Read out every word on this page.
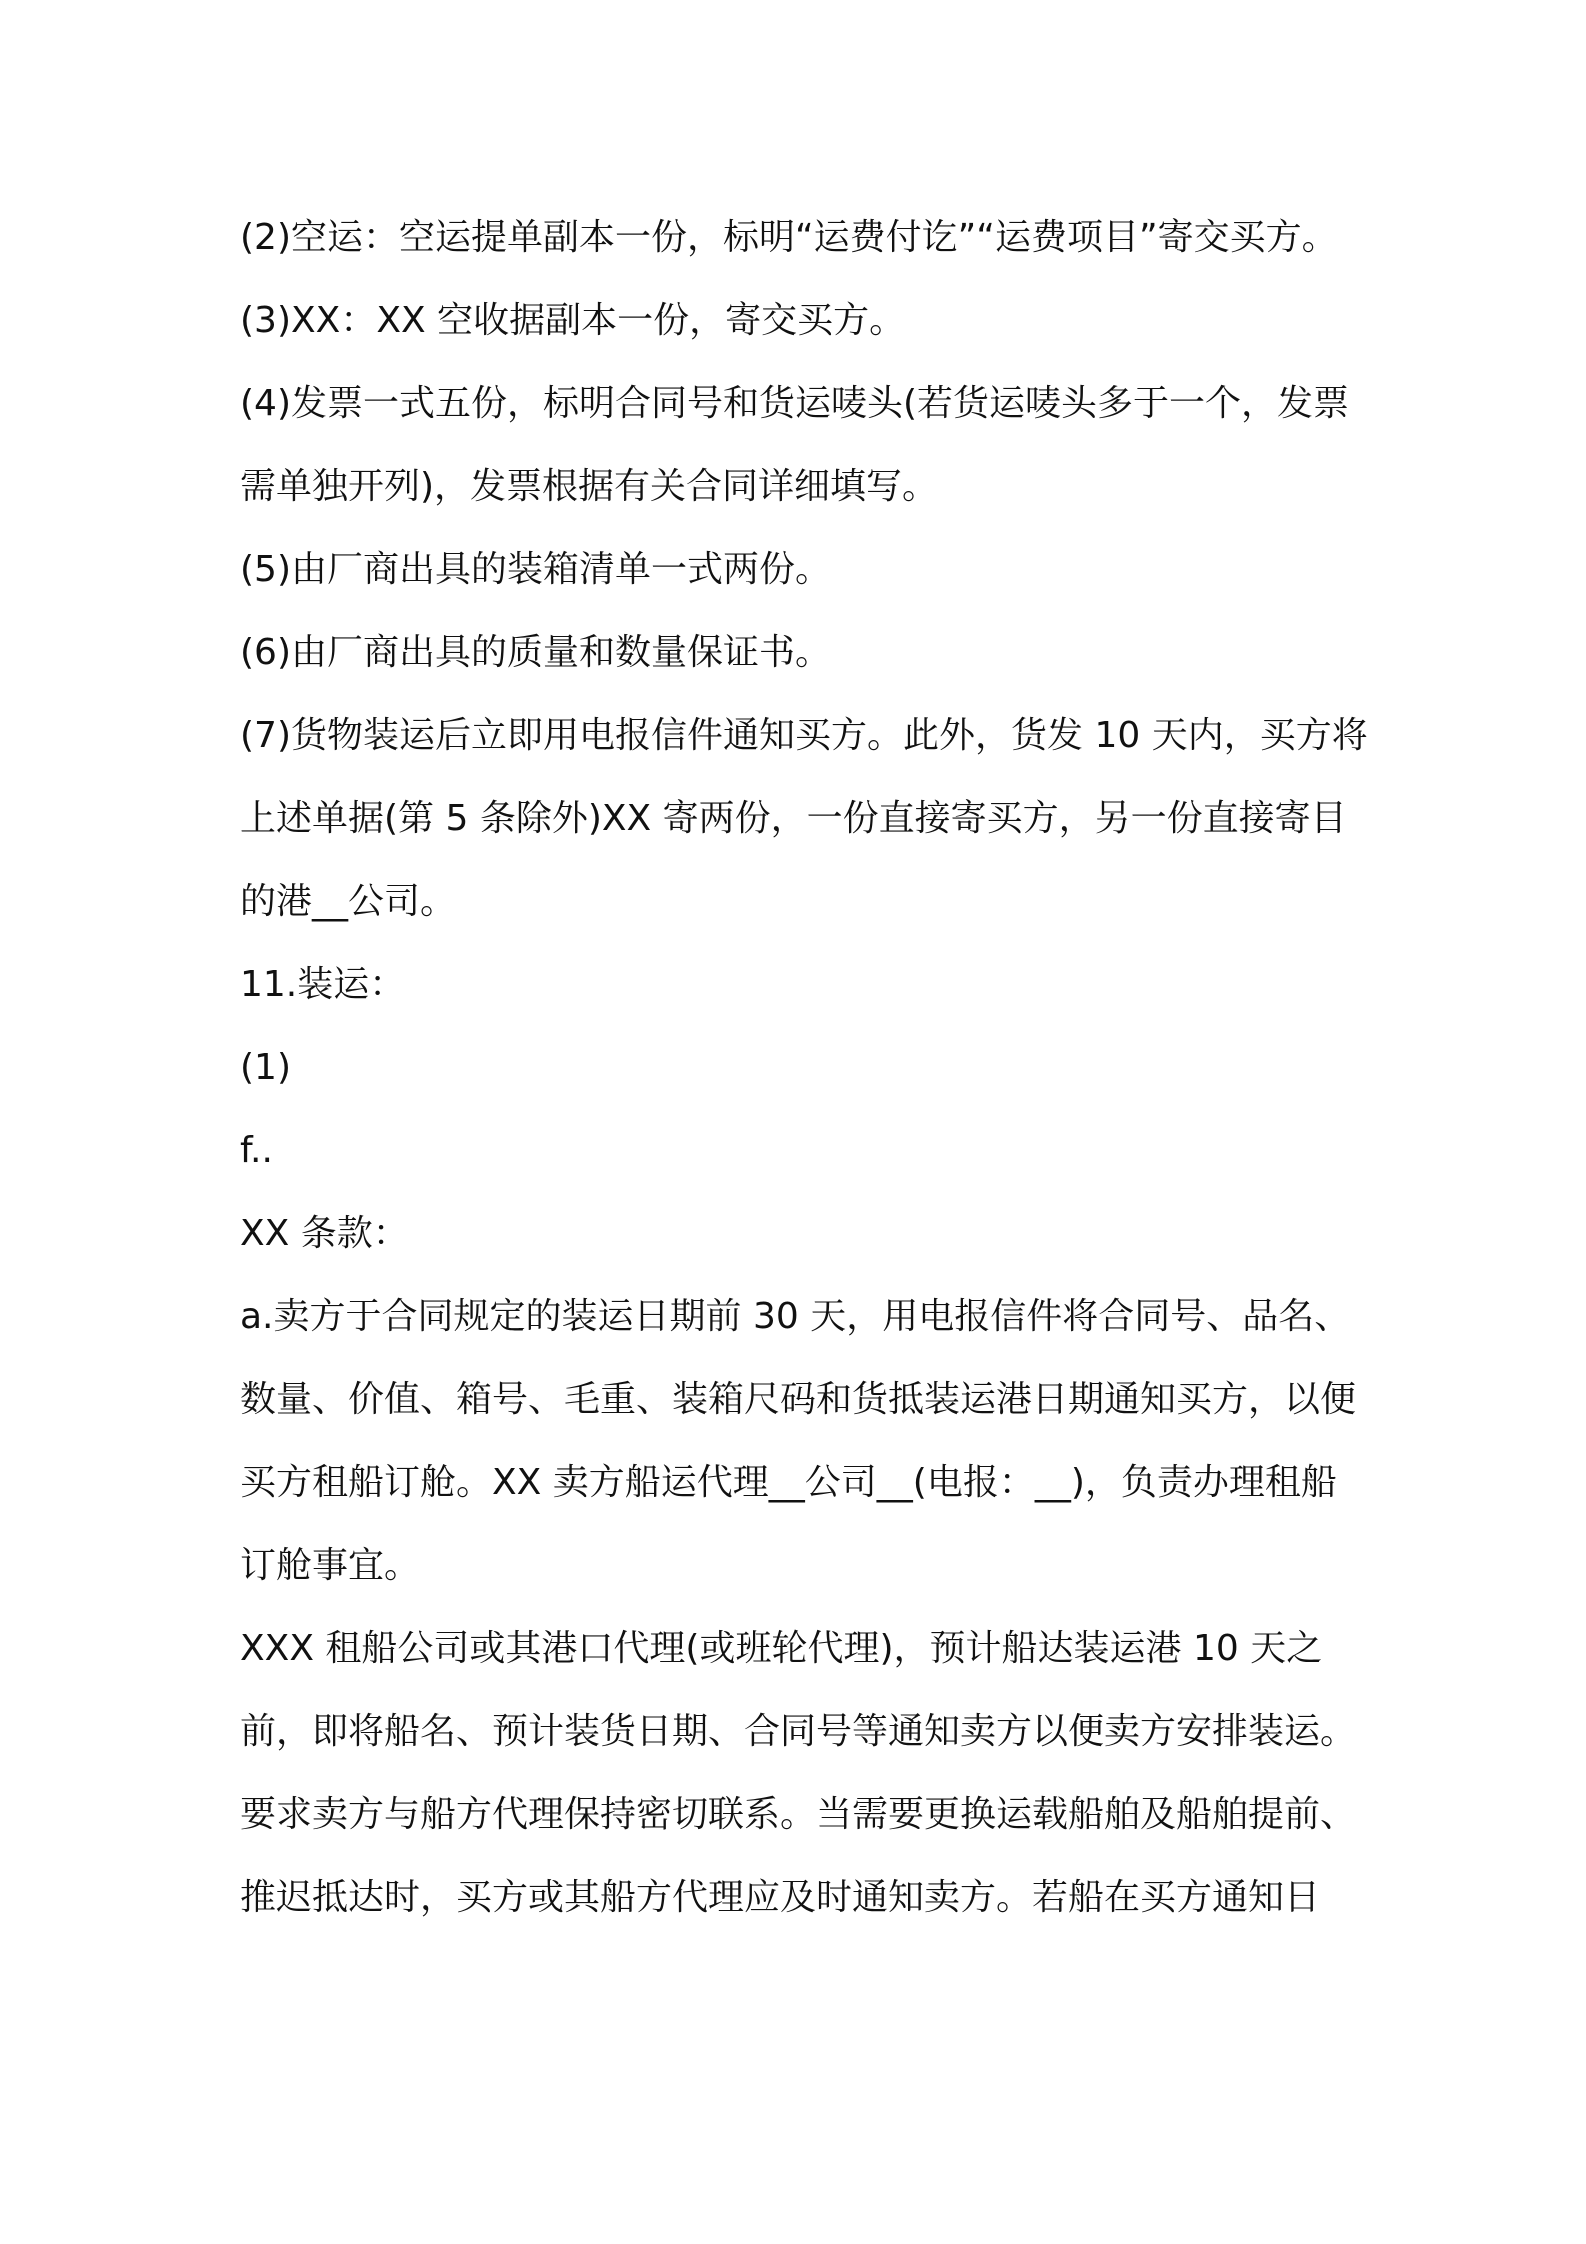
(2)空运：空运提单副本一份，标明“运费付讫”“运费项目”寄交买方。

(3)XX：XX 空收据副本一份，寄交买方。

(4)发票一式五份，标明合同号和货运唛头(若货运唛头多于一个，发票需单独开列)，发票根据有关合同详细填写。

(5)由厂商出具的装箱清单一式两份。

(6)由厂商出具的质量和数量保证书。

(7)货物装运后立即用电报信件通知买方。此外，货发 10 天内，买方将上述单据(第 5 条除外)XX 寄两份，一份直接寄买方，另一份直接寄目的港__公司。

11.装运：

(1)

f..

XX 条款：

a.卖方于合同规定的装运日期前 30 天，用电报信件将合同号、品名、数量、价值、箱号、毛重、装箱尺码和货抵装运港日期通知买方，以便买方租船订舱。XX 卖方船运代理__公司__(电报：__)，负责办理租船订舱事宜。

XXX 租船公司或其港口代理(或班轮代理)，预计船达装运港 10 天之前，即将船名、预计装货日期、合同号等通知卖方以便卖方安排装运。要求卖方与船方代理保持密切联系。当需要更换运载船舶及船舶提前、推迟抵达时，买方或其船方代理应及时通知卖方。若船在买方通知日
